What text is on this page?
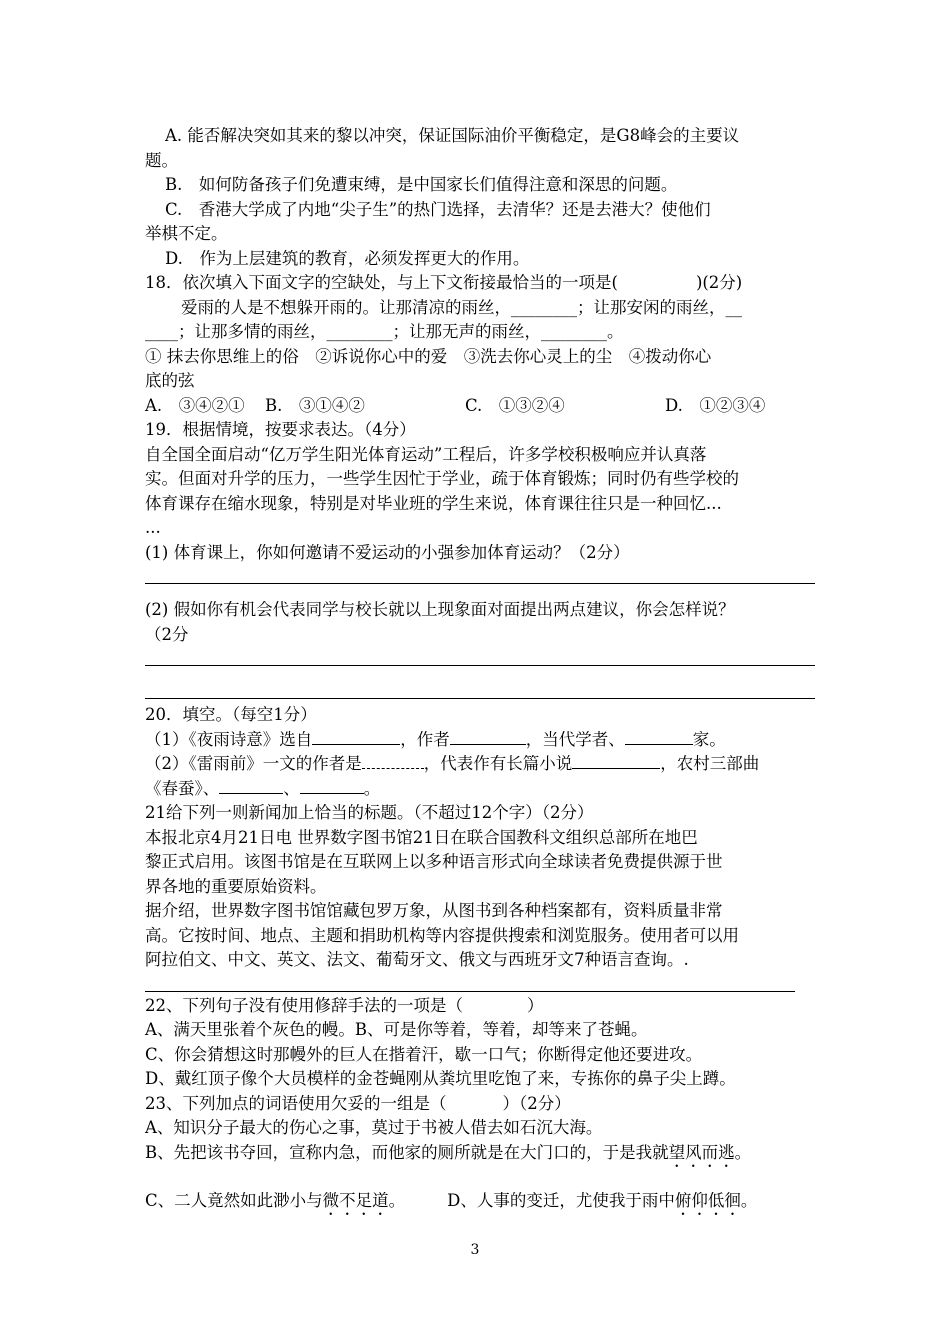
A. 能否解决突如其来的黎以冲突，保证国际油价平衡稳定，是G8峰会的主要议
题。
B.　如何防备孩子们免遭束缚，是中国家长们值得注意和深思的问题。
C.　香港大学成了内地“尖子生”的热门选择，去清华？还是去港大？使他们
举棋不定。
D.　作为上层建筑的教育，必须发挥更大的作用。
18．依次填入下面文字的空缺处，与上下文衔接最恰当的一项是(	)(2分)
爱雨的人是不想躲开雨的。让那清凉的雨丝，________；让那安闲的雨丝，__
____；让那多情的雨丝，________；让那无声的雨丝，________。
① 抹去你思维上的俗　②诉说你心中的爱　③洗去你心灵上的尘　④拨动你心
底的弦
A.　③④②① B.　③①④②	C.　①③②④	D.　①②③④
19．根据情境，按要求表达。（4分）
自全国全面启动“亿万学生阳光体育运动”工程后，许多学校积极响应并认真落
实。但面对升学的压力，一些学生因忙于学业，疏于体育锻炼；同时仍有些学校的
体育课存在缩水现象，特别是对毕业班的学生来说，体育课往往只是一种回忆...
...
(1) 体育课上，你如何邀请不爱运动的小强参加体育运动？（2分）
(2) 假如你有机会代表同学与校长就以上现象面对面提出两点建议，你会怎样说？
（2分
20．填空。（每空1分）
（1）《夜雨诗意》选自	，作者	，当代学者、	家。
（2）《雷雨前》一文的作者是	，代表作有长篇小说	，农村三部曲
《春蚕》、	、	。
21给下列一则新闻加上恰当的标题。（不超过12个字）（2分）
本报北京4月21日电 世界数字图书馆21日在联合国教科文组织总部所在地巴
黎正式启用。该图书馆是在互联网上以多种语言形式向全球读者免费提供源于世
界各地的重要原始资料。
据介绍，世界数字图书馆馆藏包罗万象，从图书到各种档案都有，资料质量非常
高。它按时间、地点、主题和捐助机构等内容提供搜索和浏览服务。使用者可以用
阿拉伯文、中文、英文、法文、葡萄牙文、俄文与西班牙文7种语言查询。.
22、下列句子没有使用修辞手法的一项是（	）
A、满天里张着个灰色的幔。B、可是你等着，等着，却等来了苍蝇。
C、你会猜想这时那幔外的巨人在揩着汗，歇一口气；你断得定他还要进攻。
D、戴红顶子像个大员模样的金苍蝇刚从粪坑里吃饱了来，专拣你的鼻子尖上蹲。
23、下列加点的词语使用欠妥的一组是（	）（2分）
A、知识分子最大的伤心之事，莫过于书被人借去如石沉大海。
B、先把该书夺回，宣称内急，而他家的厕所就是在大门口的，于是我就望风而逃。
C、二人竟然如此渺小与微不足道。	D、人事的变迁，尤使我于雨中俯仰低徊。
3
